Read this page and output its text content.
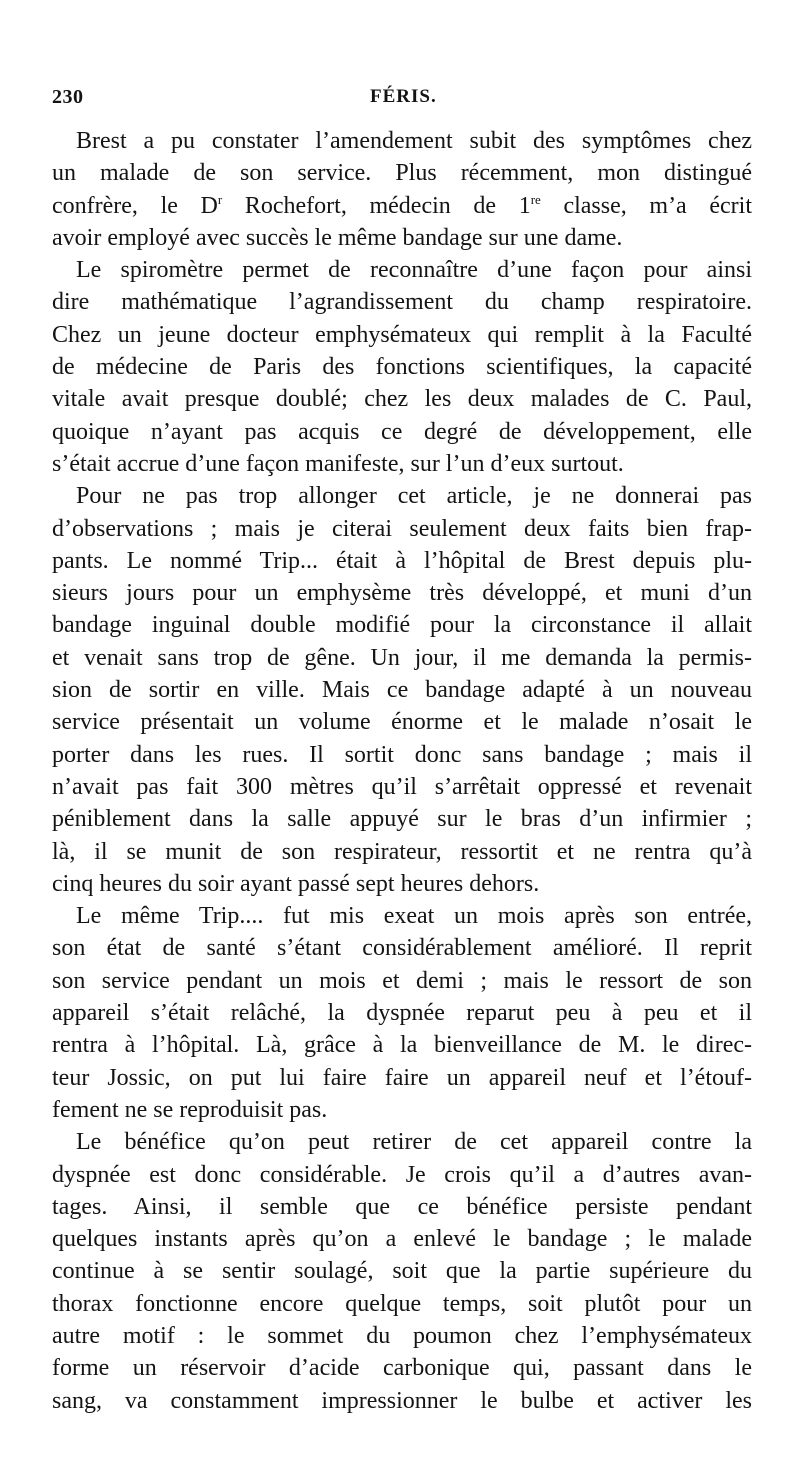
230	FÉRIS.

Brest a pu constater l’amendement subit des symptômes chez
un malade de son service. Plus récemment, mon distingué
confrère, le $D^r$ Rochefort, médecin de 1re classe, m’a écrit
avoir employé avec succès le même bandage sur une dame.

Le spiromètre permet de reconnaître d’une façon pour ainsi
dire mathématique l’agrandissement du champ respiratoire.
Chez un jeune docteur emphysémateux qui remplit à la Faculté
de médecine de Paris des fonctions scientifiques, la capacité
vitale avait presque doublé; chez les deux malades de C. Paul,
quoique n’ayant pas acquis ce degré de développement, elle
s’était accrue d’une façon manifeste, sur l’un d’eux surtout.

Pour ne pas trop allonger cet article, je ne donnerai pas
d’observations ; mais je citerai seulement deux faits bien frap-
pants. Le nommé Trip... était à l’hôpital de Brest depuis plu-
sieurs jours pour un emphysème très développé, et muni d’un
bandage inguinal double modifié pour la circonstance il allait
et venait sans trop de gêne. Un jour, il me demanda la permis-
sion de sortir en ville. Mais ce bandage adapté à un nouveau
service présentait un volume énorme et le malade n’osait le
porter dans les rues. Il sortit donc sans bandage ; mais il
n’avait pas fait 300 mètres qu’il s’arrêtait oppressé et revenait
péniblement dans la salle appuyé sur le bras d’un infirmier ;
là, il se munit de son respirateur, ressortit et ne rentra qu’à
cinq heures du soir ayant passé sept heures dehors.

Le même Trip.... fut mis exeat un mois après son entrée,
son état de santé s’étant considérablement amélioré. Il reprit
son service pendant un mois et demi ; mais le ressort de son
appareil s’était relâché, la dyspnée reparut peu à peu et il
rentra à l’hôpital. Là, grâce à la bienveillance de M. le direc-
teur Jossic, on put lui faire faire un appareil neuf et l’étouf-
fement ne se reproduisit pas.

Le bénéfice qu’on peut retirer de cet appareil contre la
dyspnée est donc considérable. Je crois qu’il a d’autres avan-
tages. Ainsi, il semble que ce bénéfice persiste pendant
quelques instants après qu’on a enlevé le bandage ; le malade
continue à se sentir soulagé, soit que la partie supérieure du
thorax fonctionne encore quelque temps, soit plutôt pour un
autre motif : le sommet du poumon chez l’emphysémateux
forme un réservoir d’acide carbonique qui, passant dans le
sang, va constamment impressionner le bulbe et activer les
